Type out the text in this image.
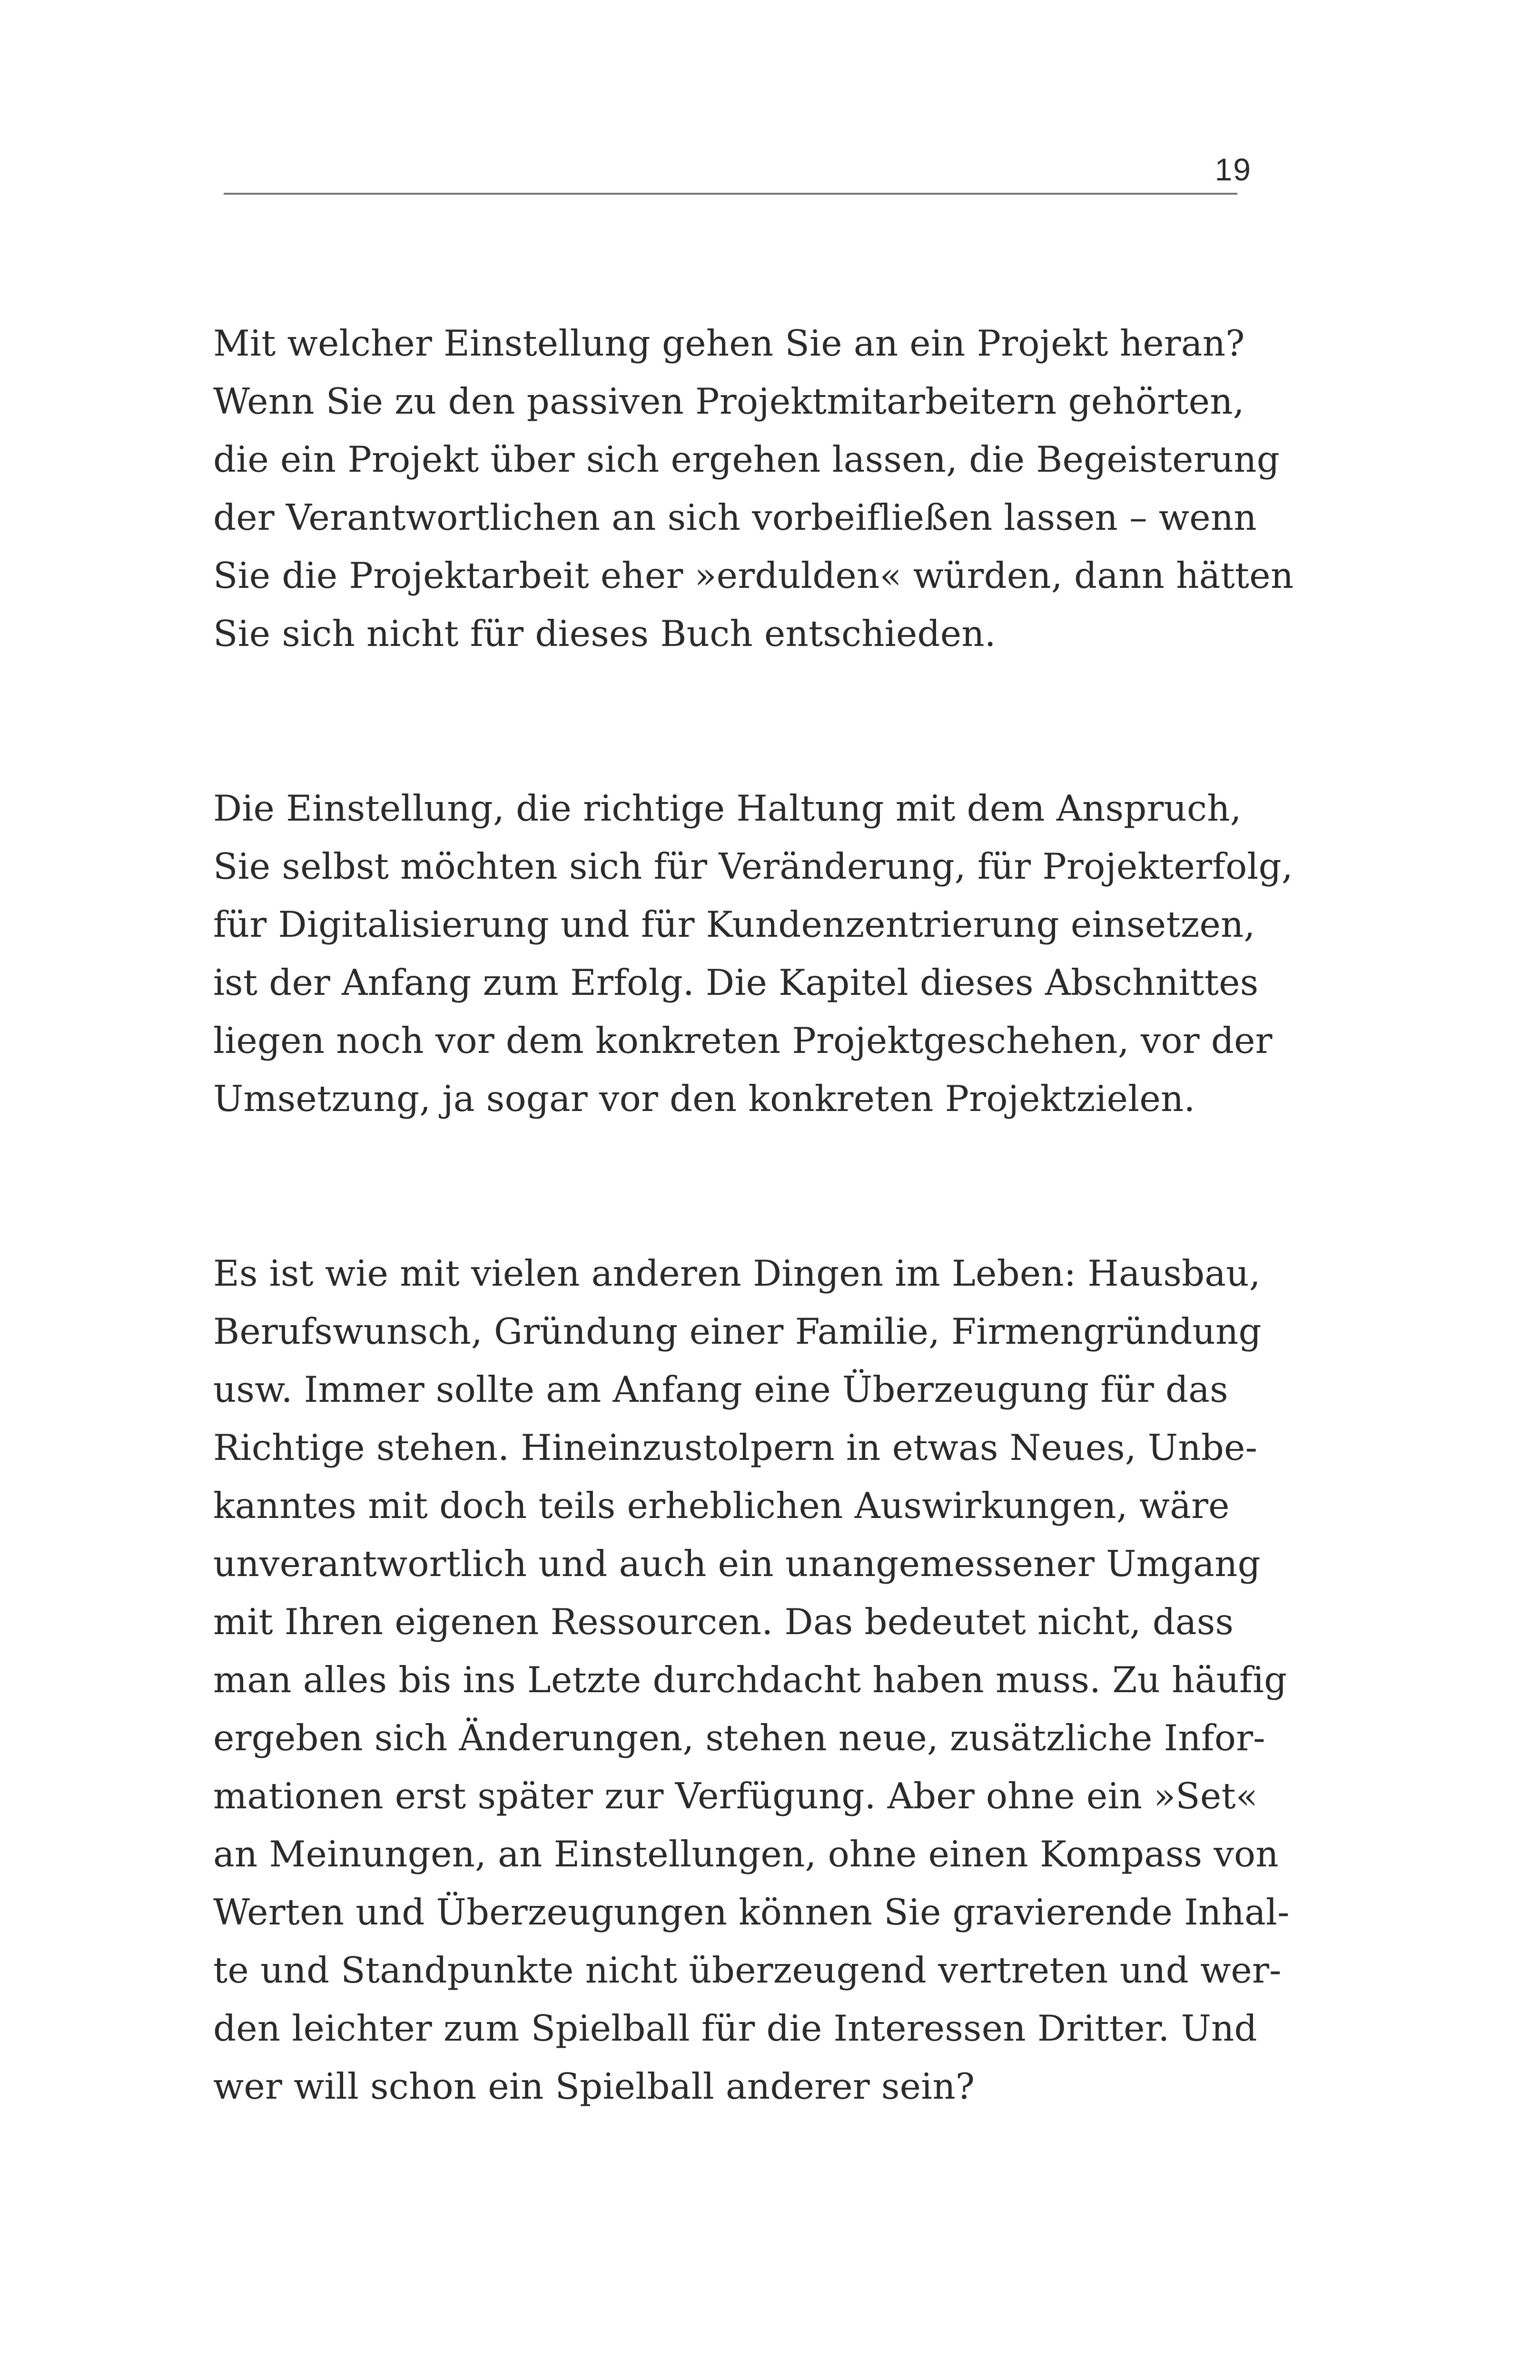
19

Mit welcher Einstellung gehen Sie an ein Projekt heran?
Wenn Sie zu den passiven Projektmitarbeitern gehörten,
die ein Projekt über sich ergehen lassen, die Begeisterung
der Verantwortlichen an sich vorbeifließen lassen – wenn
Sie die Projektarbeit eher »erdulden« würden, dann hätten
Sie sich nicht für dieses Buch entschieden.

Die Einstellung, die richtige Haltung mit dem Anspruch,
Sie selbst möchten sich für Veränderung, für Projekterfolg,
für Digitalisierung und für Kundenzentrierung einsetzen,
ist der Anfang zum Erfolg. Die Kapitel dieses Abschnittes
liegen noch vor dem konkreten Projektgeschehen, vor der
Umsetzung, ja sogar vor den konkreten Projektzielen.

Es ist wie mit vielen anderen Dingen im Leben: Hausbau,
Berufswunsch, Gründung einer Familie, Firmengründung
usw. Immer sollte am Anfang eine Überzeugung für das
Richtige stehen. Hineinzustolpern in etwas Neues, Unbe-
kanntes mit doch teils erheblichen Auswirkungen, wäre
unverantwortlich und auch ein unangemessener Umgang
mit Ihren eigenen Ressourcen. Das bedeutet nicht, dass
man alles bis ins Letzte durchdacht haben muss. Zu häufig
ergeben sich Änderungen, stehen neue, zusätzliche Infor-
mationen erst später zur Verfügung. Aber ohne ein »Set«
an Meinungen, an Einstellungen, ohne einen Kompass von
Werten und Überzeugungen können Sie gravierende Inhal-
te und Standpunkte nicht überzeugend vertreten und wer-
den leichter zum Spielball für die Interessen Dritter. Und
wer will schon ein Spielball anderer sein?
